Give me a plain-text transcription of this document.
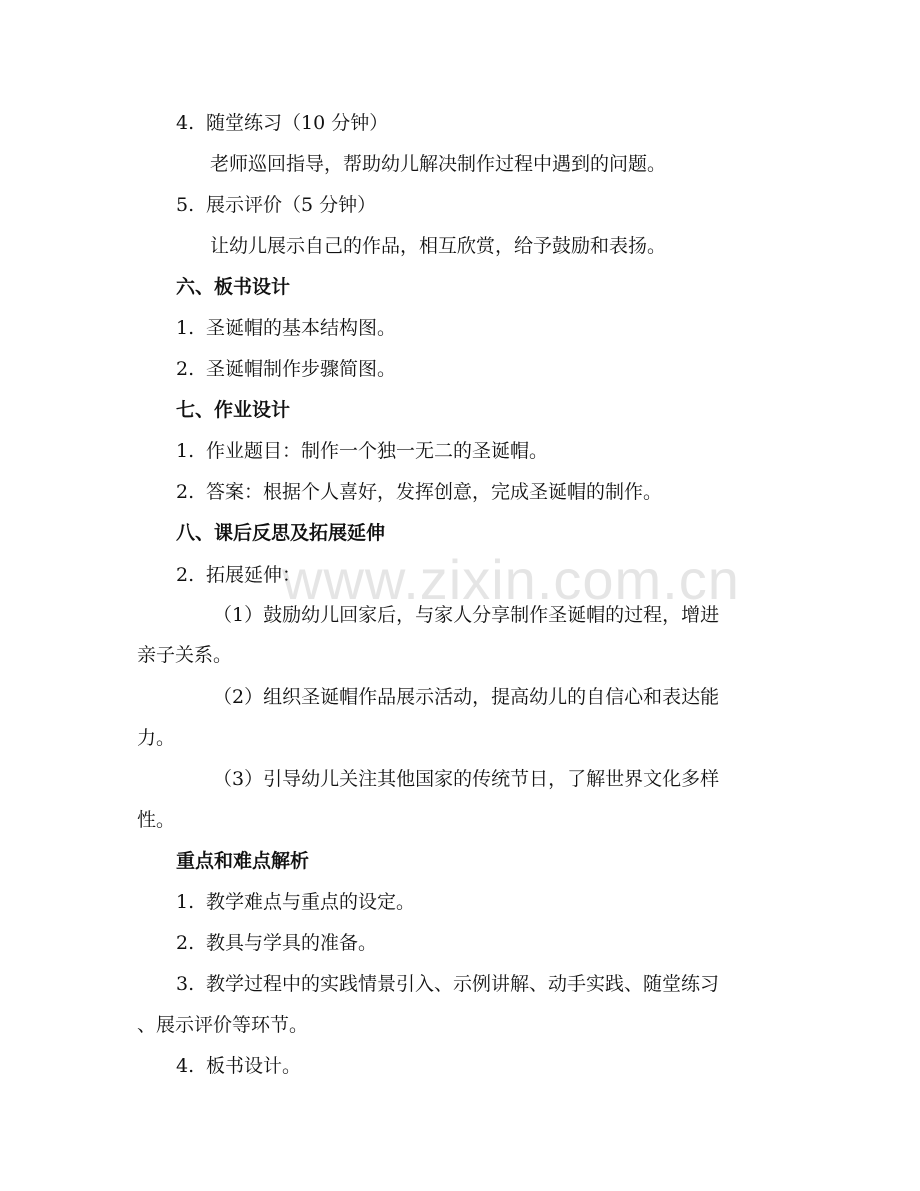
www.zixin.com.cn
4. 随堂练习（10 分钟）
老师巡回指导，帮助幼儿解决制作过程中遇到的问题。
5. 展示评价（5 分钟）
让幼儿展示自己的作品，相互欣赏，给予鼓励和表扬。
六、板书设计
1. 圣诞帽的基本结构图。
2. 圣诞帽制作步骤简图。
七、作业设计
1. 作业题目：制作一个独一无二的圣诞帽。
2. 答案：根据个人喜好，发挥创意，完成圣诞帽的制作。
八、课后反思及拓展延伸
2. 拓展延伸：
（1）鼓励幼儿回家后，与家人分享制作圣诞帽的过程，增进
亲子关系。
（2）组织圣诞帽作品展示活动，提高幼儿的自信心和表达能
力。
（3）引导幼儿关注其他国家的传统节日，了解世界文化多样
性。
重点和难点解析
1. 教学难点与重点的设定。
2. 教具与学具的准备。
3. 教学过程中的实践情景引入、示例讲解、动手实践、随堂练习
、展示评价等环节。
4. 板书设计。
